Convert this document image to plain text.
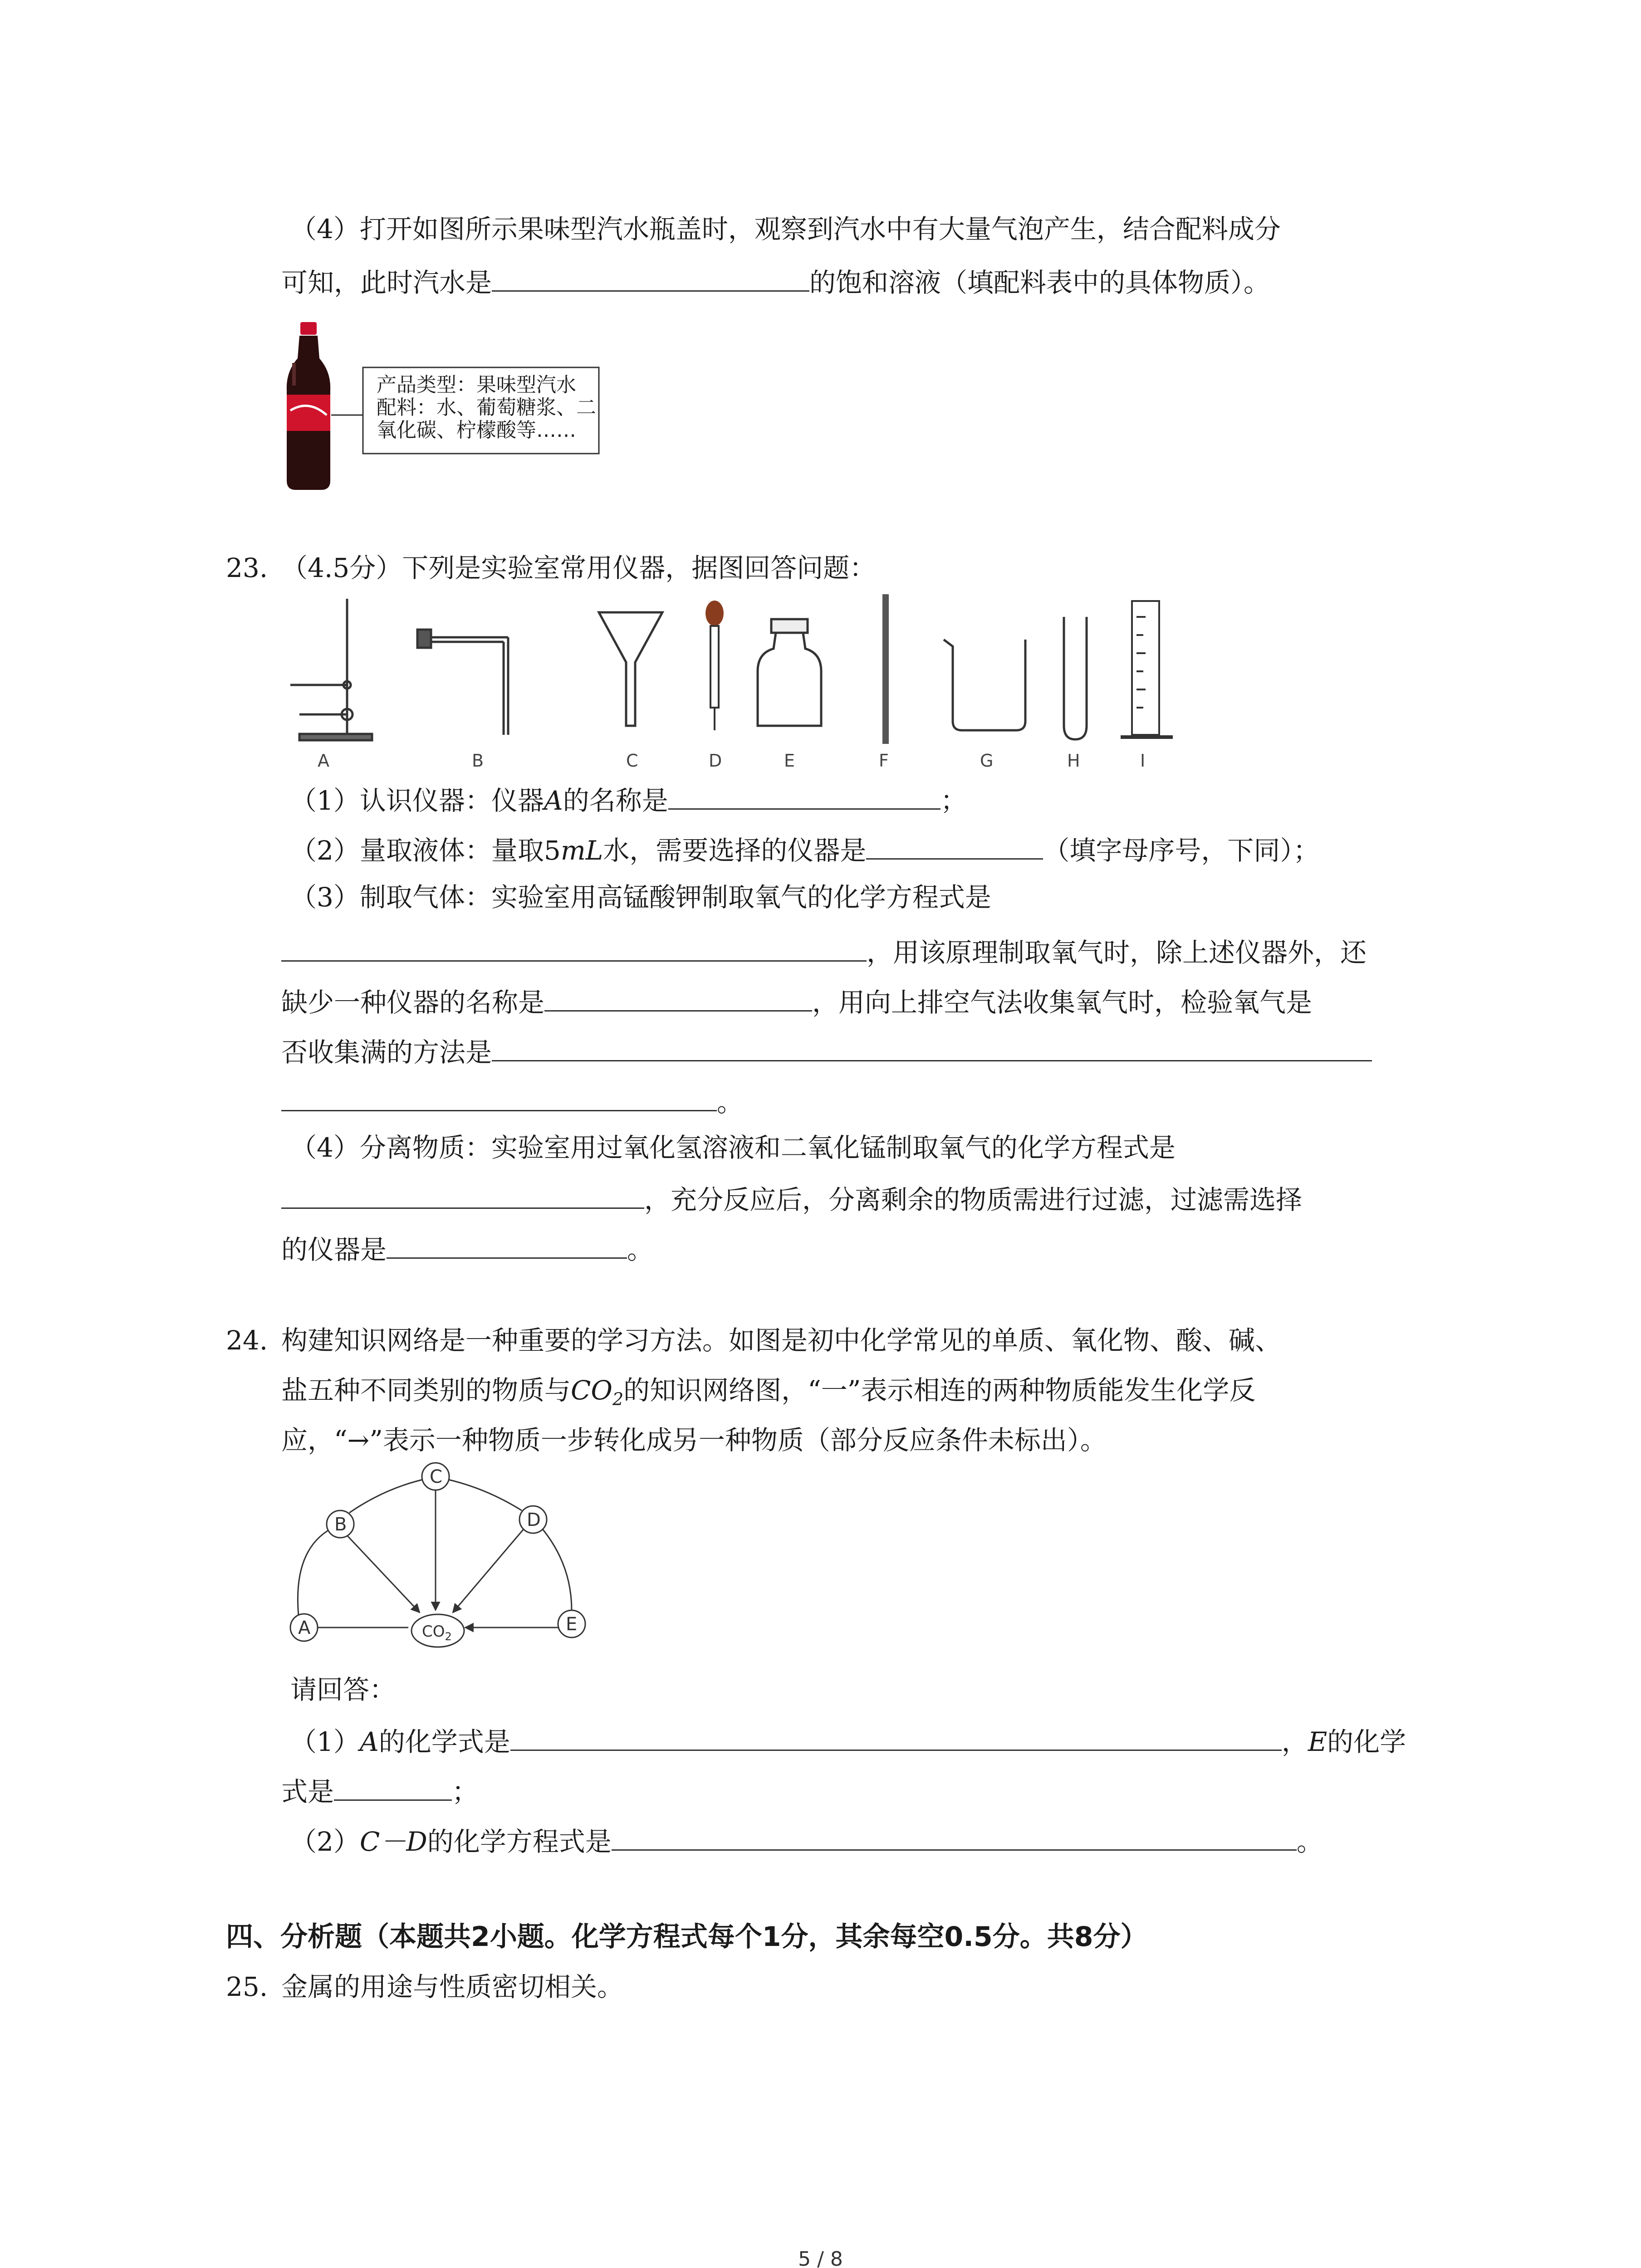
（4）打开如图所示果味型汽水瓶盖时，观察到汽水中有大量气泡产生，结合配料成分
可知，此时汽水是	的饱和溶液（填配料表中的具体物质）。
产品类型：果味型汽水
配料：水、葡萄糖浆、二
氧化碳、柠檬酸等……
23. （4.5分）下列是实验室常用仪器，据图回答问题：
A	B	C	D	E	F	G	H	I
（1）认识仪器：仪器A的名称是	；
（2）量取液体：量取5mL水，需要选择的仪器是	（填字母序号，下同）；
（3）制取气体：实验室用高锰酸钾制取氧气的化学方程式是
，用该原理制取氧气时，除上述仪器外，还
缺少一种仪器的名称是	，用向上排空气法收集氧气时，检验氧气是
否收集满的方法是
。
（4）分离物质：实验室用过氧化氢溶液和二氧化锰制取氧气的化学方程式是
，充分反应后，分离剩余的物质需进行过滤，过滤需选择
的仪器是	。
24. 构建知识网络是一种重要的学习方法。如图是初中化学常见的单质、氧化物、酸、碱、
盐五种不同类别的物质与$CO_2$的知识网络图，“一”表示相连的两种物质能发生化学反
应，“→”表示一种物质一步转化成另一种物质（部分反应条件未标出）。
A
B
C
D
E
$CO_2$
请回答：
（1）A的化学式是	，E的化学
式是	；
（2）C－D的化学方程式是	。
四、分析题（本题共2小题。化学方程式每个1分，其余每空0.5分。共8分）
25. 金属的用途与性质密切相关。
5 / 8
